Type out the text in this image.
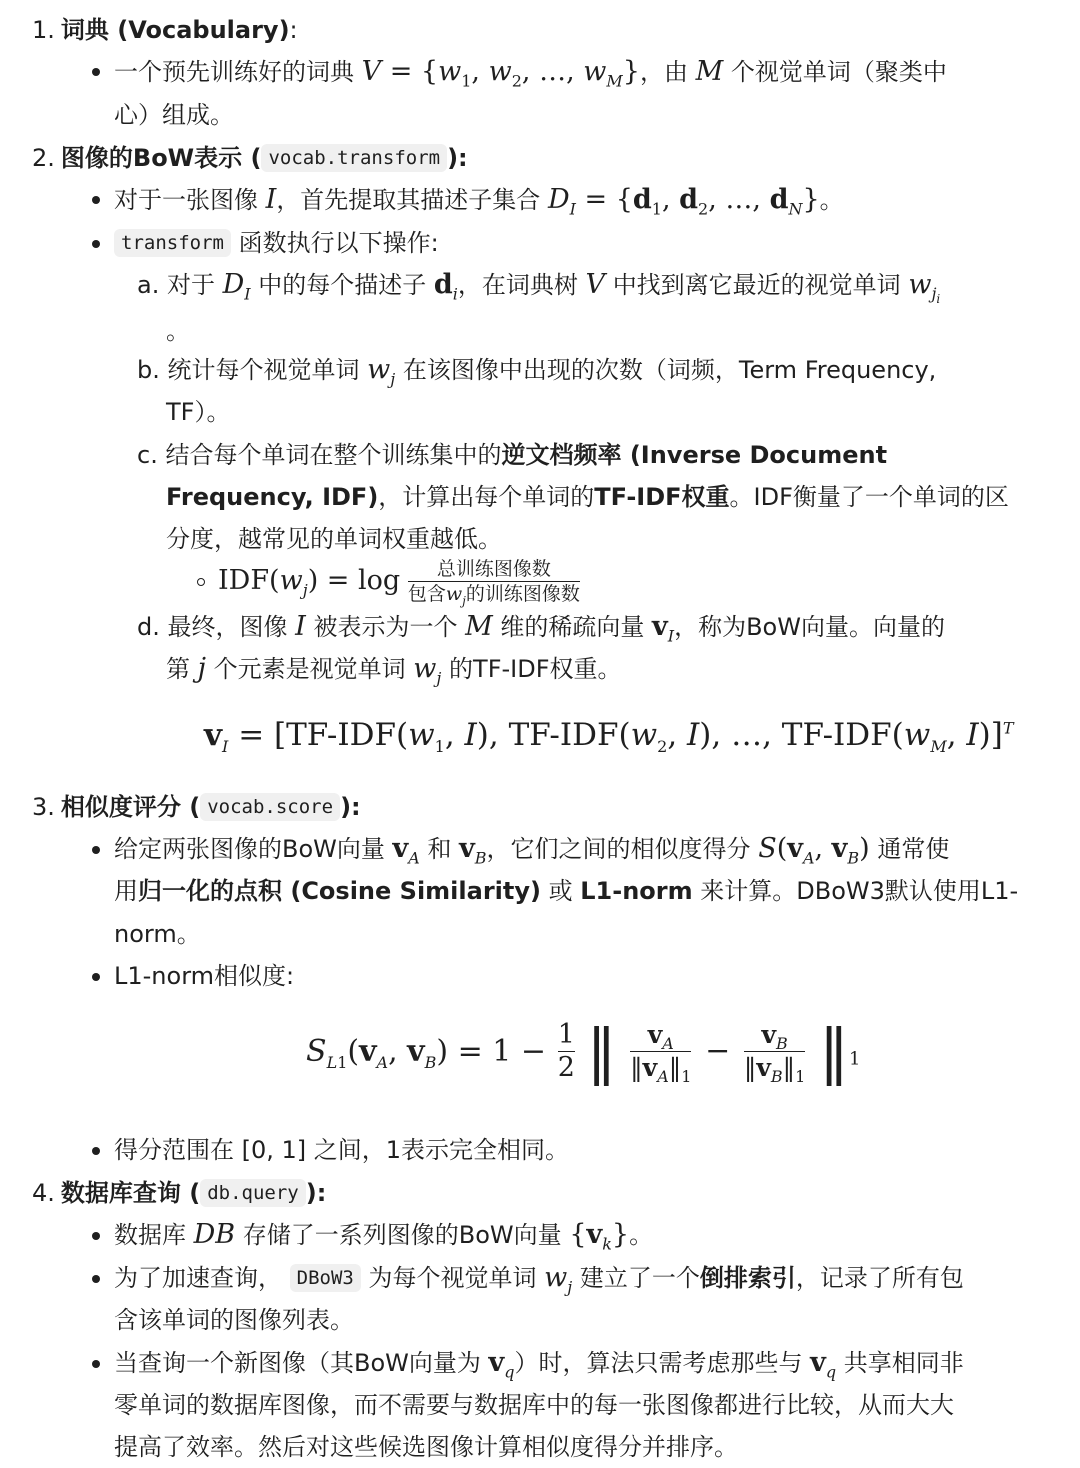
1. 词典 (Vocabulary):
一个预先训练好的词典 $V = \{w_1$, $w_2$, …, $w_M$}，由 M 个视觉单词（聚类中
心）组成。
2. 图像的BoW表示 ( vocab.transform ):
对于一张图像 I，首先提取其描述子集合 $D_I = \{d_1$, $d_2$, …, $d_N$}。
transform 函数执行以下操作:
a. 对于 $D_I$ 中的每个描述子 $d_i$，在词典树 V 中找到离它最近的视觉单词 $w_{j_i}$
。
b. 统计每个视觉单词 $w_j$ 在该图像中出现的次数（词频，Term Frequency,
TF）。
c. 结合每个单词在整个训练集中的逆文档频率 (Inverse Document
Frequency, IDF)，计算出每个单词的TF-IDF权重。IDF衡量了一个单词的区
分度，越常见的单词权重越低。
$IDF(w_j) = \log \frac{\text{总训练图像数}}{包含w_j的训练图像数}$
d. 最终，图像 I 被表示为一个 M 维的稀疏向量 $v_I$，称为BoW向量。向量的
第 j 个元素是视觉单词 $w_j$ 的TF-IDF权重。
$v_I = [TF-IDF(w_1$, I), $TF-IDF(w_2$, I), …, $TF-IDF(w_M$, I)]$^T$
3. 相似度评分 ( vocab.score ):
给定两张图像的BoW向量 $v_A$ 和 $v_B$，它们之间的相似度得分 $S(v_A$, $v_B$) 通常使
用归一化的点积 (Cosine Similarity) 或 L1-norm 来计算。DBoW3默认使用L1-
norm。
L1-norm相似度:
$S_{L1}(v_A$, $v_B) = 1 - \frac{1}{2}$ ‖ $\frac{v_A}{‖v_A‖_1} - \frac{v_B}{‖v_B‖_1}$ $‖_1$
得分范围在 [0, 1] 之间，1表示完全相同。
4. 数据库查询 ( db.query ):
数据库 DB 存储了一系列图像的BoW向量 $\{v_k\}$。
为了加速查询， DBoW3 为每个视觉单词 $w_j$ 建立了一个倒排索引，记录了所有包
含该单词的图像列表。
当查询一个新图像（其BoW向量为 $v_q$）时，算法只需考虑那些与 $v_q$ 共享相同非
零单词的数据库图像，而不需要与数据库中的每一张图像都进行比较，从而大大
提高了效率。然后对这些候选图像计算相似度得分并排序。
